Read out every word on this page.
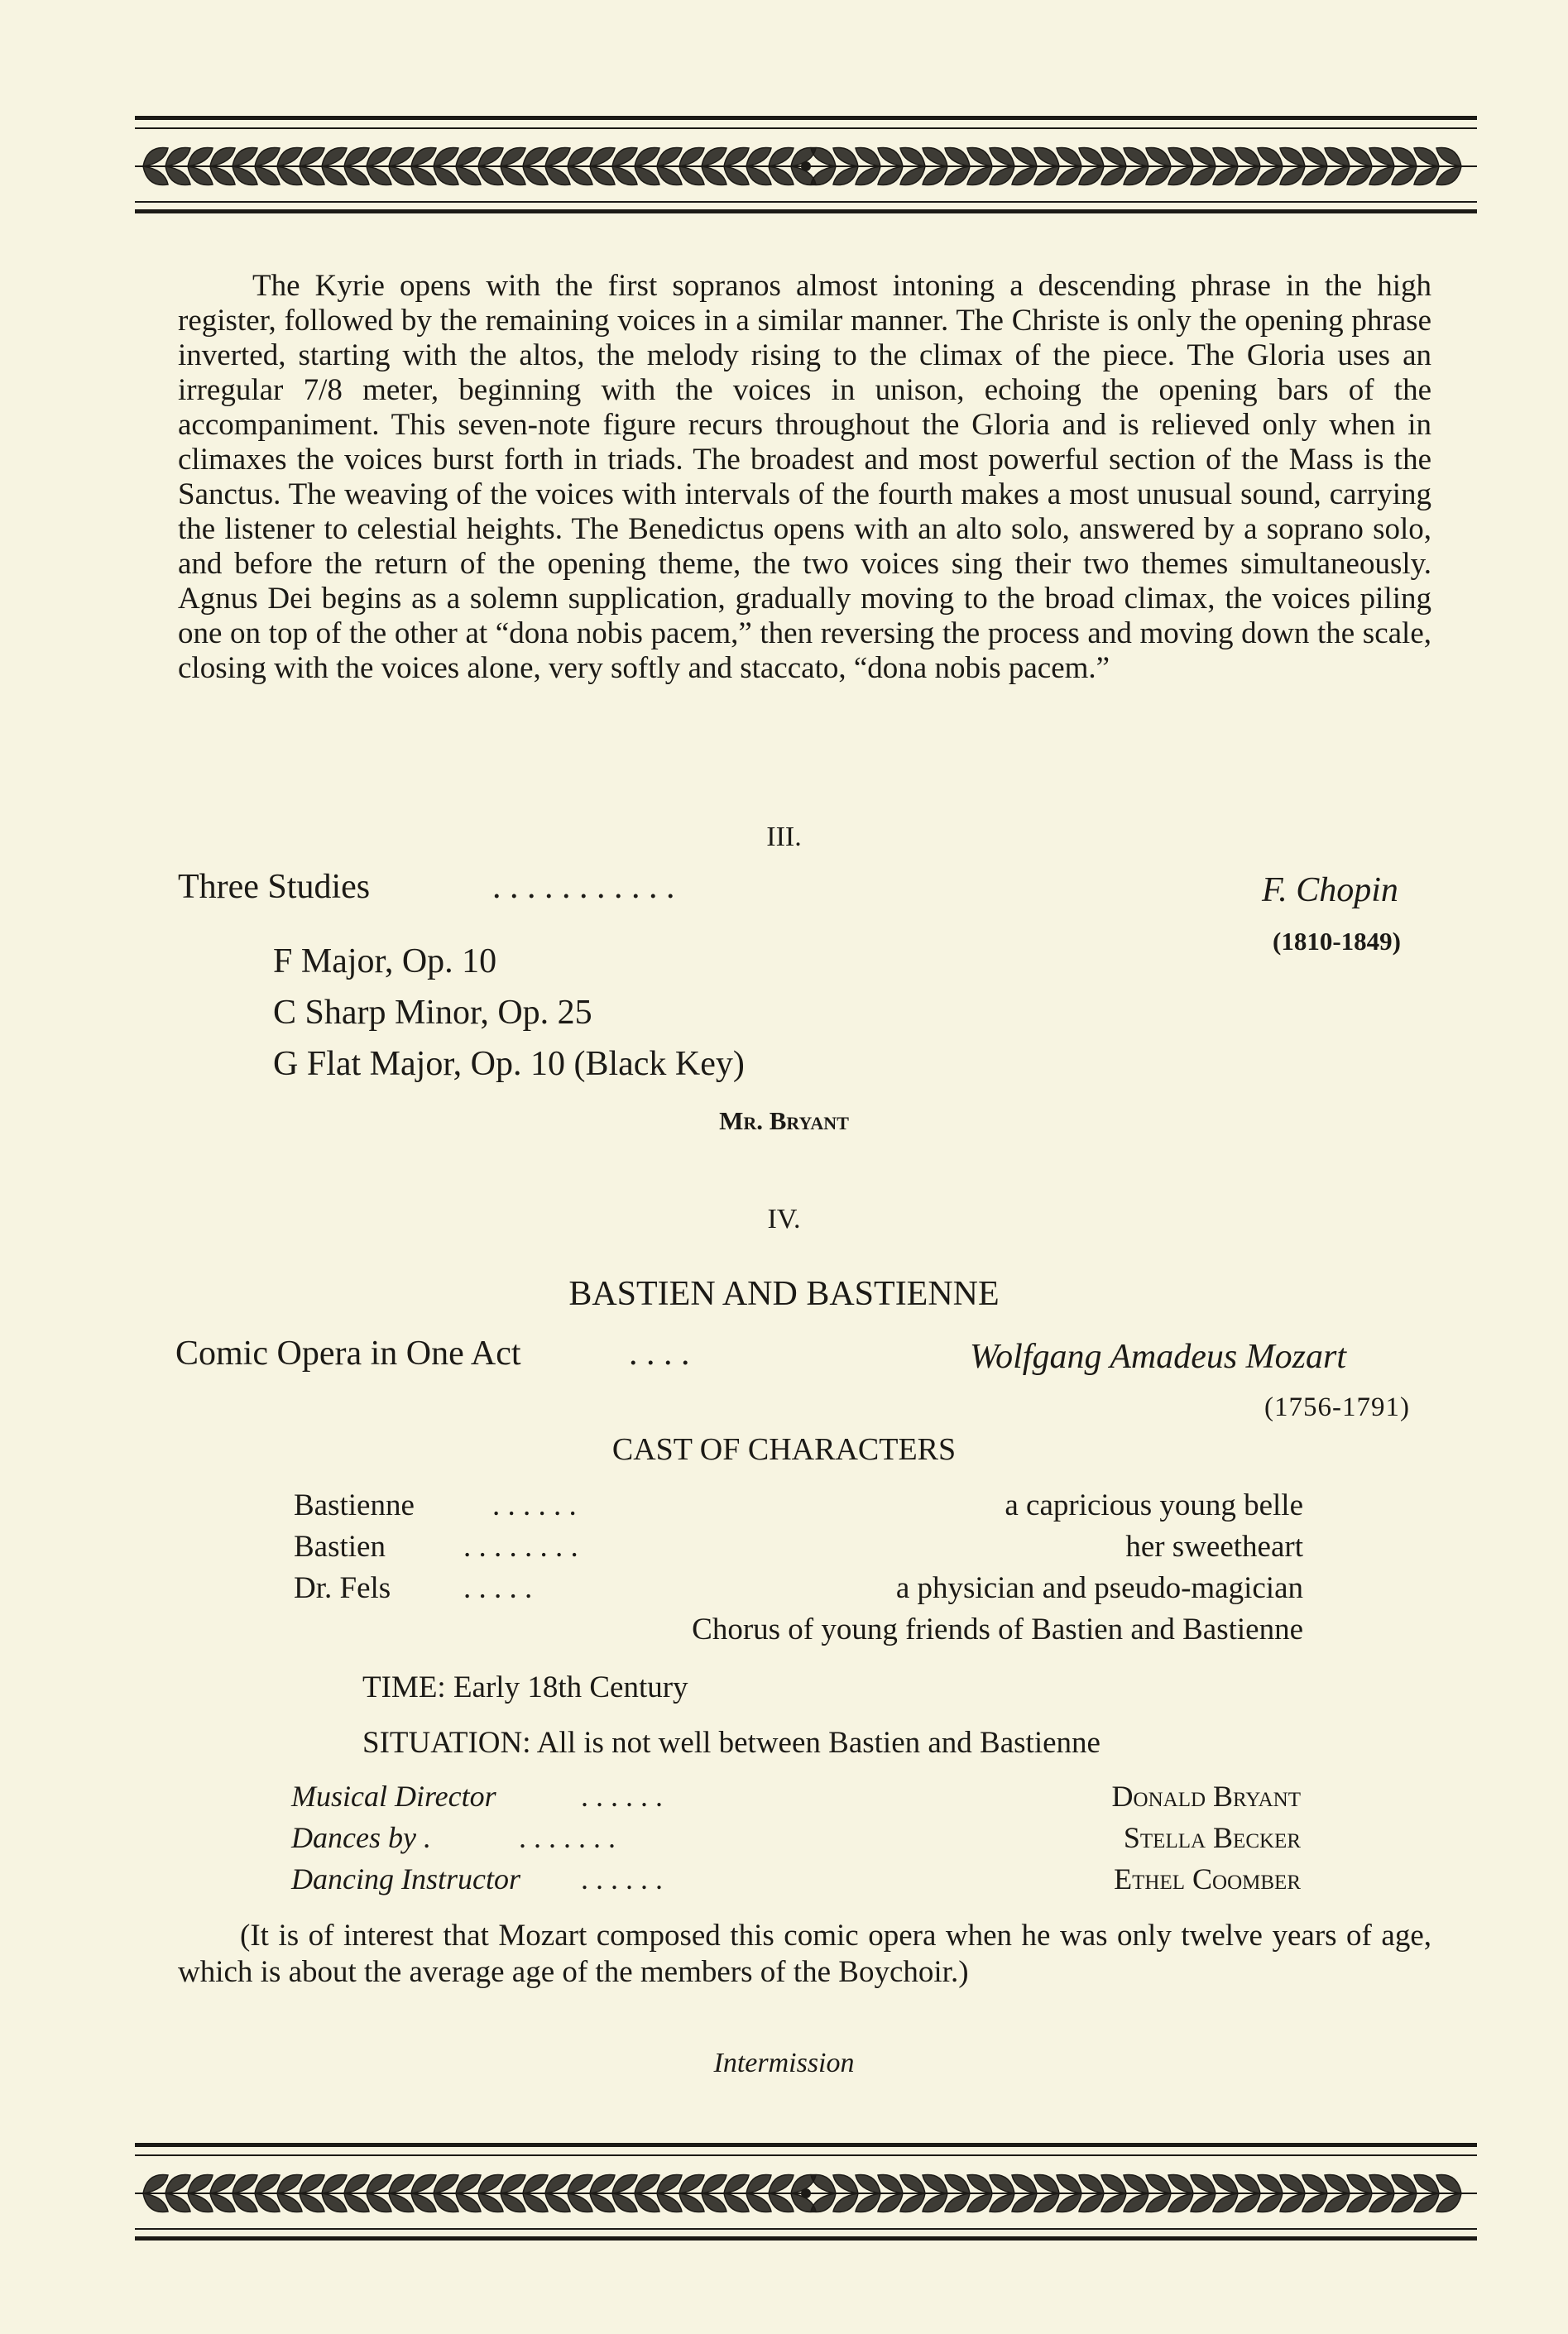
The Kyrie opens with the first sopranos almost intoning a descending phrase in the high register, followed by the remaining voices in a similar manner. The Christe is only the opening phrase inverted, starting with the altos, the melody rising to the climax of the piece. The Gloria uses an irregular 7/8 meter, beginning with the voices in unison, echoing the opening bars of the accompaniment. This seven-note figure recurs throughout the Gloria and is relieved only when in climaxes the voices burst forth in triads. The broadest and most powerful section of the Mass is the Sanctus. The weaving of the voices with intervals of the fourth makes a most unusual sound, carrying the listener to celestial heights. The Benedictus opens with an alto solo, answered by a soprano solo, and before the return of the opening theme, the two voices sing their two themes simultaneously. Agnus Dei begins as a solemn supplication, gradually moving to the broad climax, the voices piling one on top of the other at “dona nobis pacem,” then reversing the process and moving down the scale, closing with the voices alone, very softly and staccato, “dona nobis pacem.”
III.
Three Studies	. . . . . . . . . . .	F. Chopin
(1810-1849)
F Major, Op. 10
C Sharp Minor, Op. 25
G Flat Major, Op. 10 (Black Key)
Mr. Bryant
IV.
BASTIEN AND BASTIENNE
Comic Opera in One Act	. . . .	Wolfgang Amadeus Mozart
(1756-1791)
CAST OF CHARACTERS
Bastienne	. . . . . .	a capricious young belle
Bastien	. . . . . . . .	her sweetheart
Dr. Fels . . . . .	a physician and pseudo-magician
Chorus of young friends of Bastien and Bastienne
TIME: Early 18th Century
SITUATION: All is not well between Bastien and Bastienne
Musical Director	. . . . . .	Donald Bryant
Dances by .	. . . . . . .	Stella Becker
Dancing Instructor . . . . . .	Ethel Coomber
(It is of interest that Mozart composed this comic opera when he was only twelve years of age, which is about the average age of the members of the Boychoir.)
Intermission
